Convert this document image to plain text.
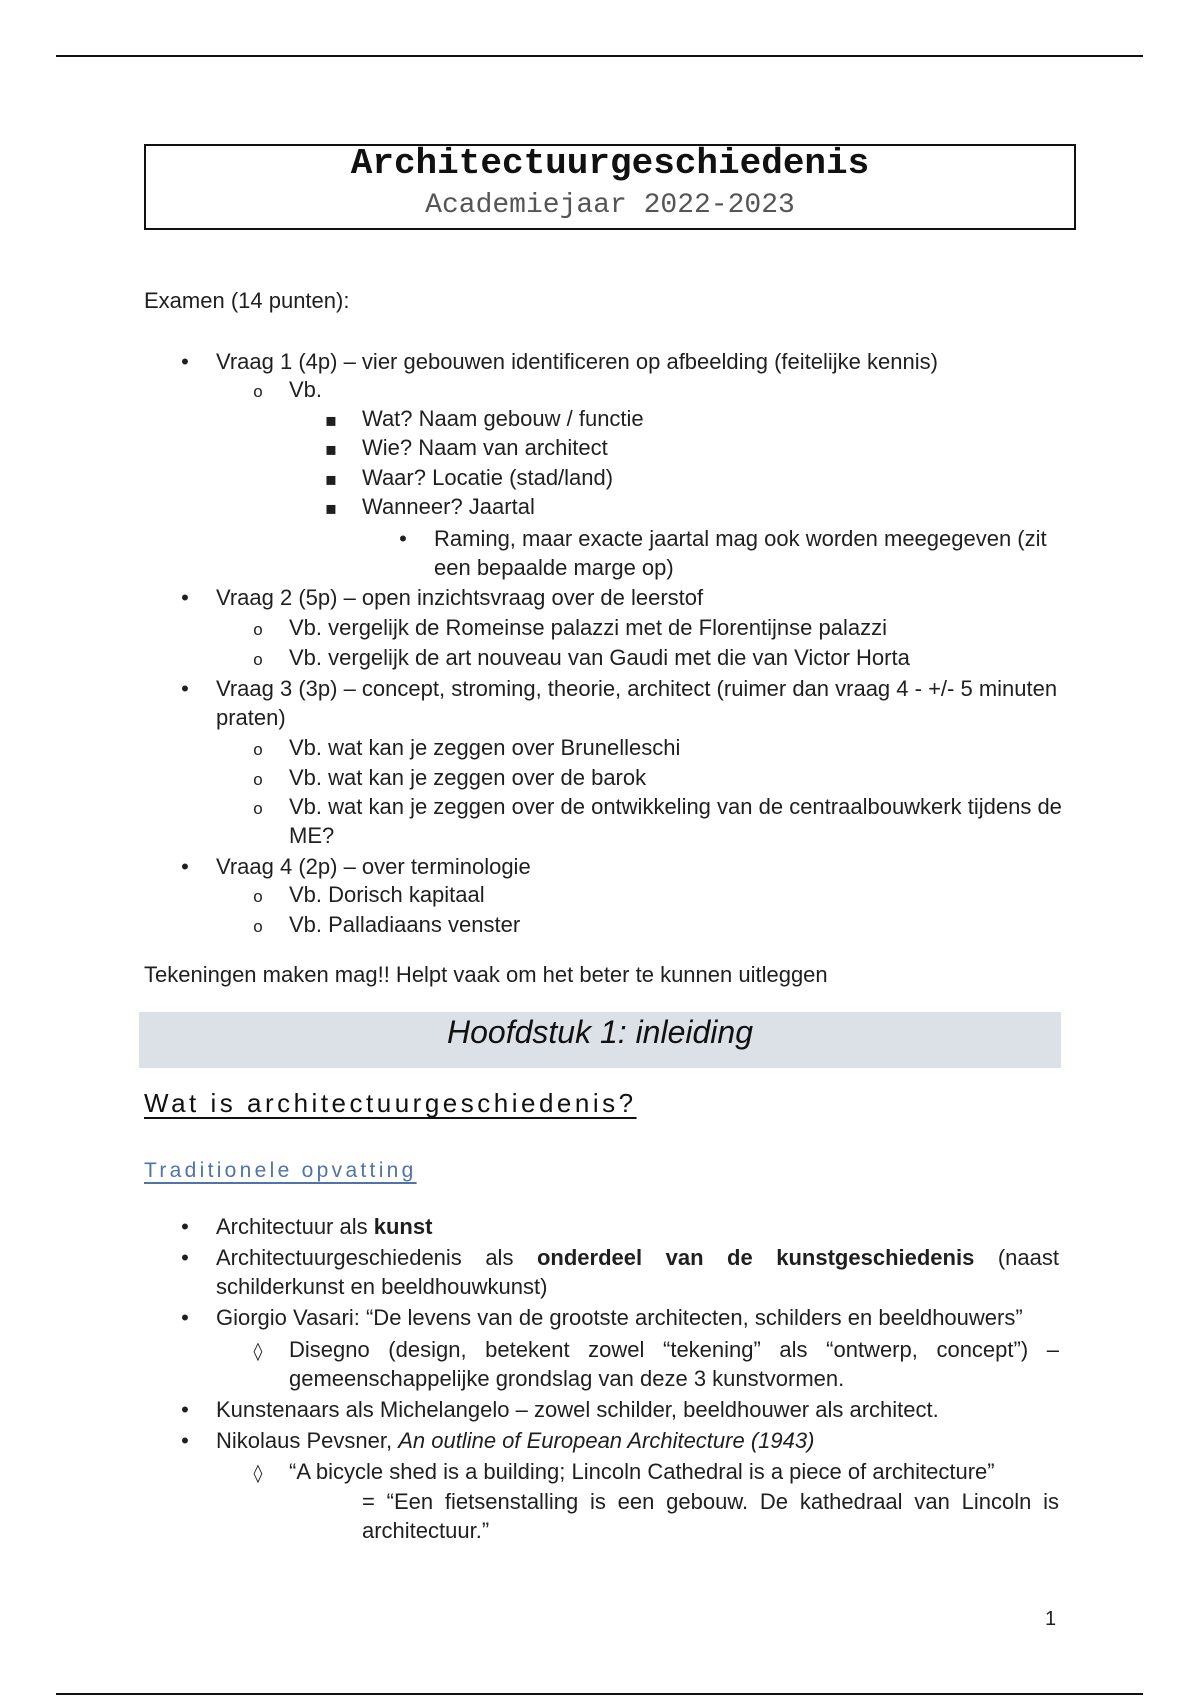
Architectuurgeschiedenis
Academiejaar 2022-2023
Examen (14 punten):
•
Vraag 1 (4p) – vier gebouwen identificeren op afbeelding (feitelijke kennis)
o
Vb.
▪
Wat? Naam gebouw / functie
▪
Wie? Naam van architect
▪
Waar? Locatie (stad/land)
▪
Wanneer? Jaartal
•
Raming, maar exacte jaartal mag ook worden meegegeven (zit een bepaalde marge op)
•
Vraag 2 (5p) – open inzichtsvraag over de leerstof
o
Vb. vergelijk de Romeinse palazzi met de Florentijnse palazzi
o
Vb. vergelijk de art nouveau van Gaudi met die van Victor Horta
•
Vraag 3 (3p) – concept, stroming, theorie, architect (ruimer dan vraag 4 - +/- 5 minuten praten)
o
Vb. wat kan je zeggen over Brunelleschi
o
Vb. wat kan je zeggen over de barok
o
Vb. wat kan je zeggen over de ontwikkeling van de centraalbouwkerk tijdens de ME?
•
Vraag 4 (2p) – over terminologie
o
Vb. Dorisch kapitaal
o
Vb. Palladiaans venster
Tekeningen maken mag!! Helpt vaak om het beter te kunnen uitleggen
Hoofdstuk 1: inleiding
Wat is architectuurgeschiedenis?
Traditionele opvatting
•
Architectuur als kunst
•
Architectuurgeschiedenis als onderdeel van de kunstgeschiedenis (naast schilderkunst en beeldhouwkunst)
•
Giorgio Vasari: “De levens van de grootste architecten, schilders en beeldhouwers”
◊
Disegno (design, betekent zowel “tekening” als “ontwerp, concept”) – gemeenschappelijke grondslag van deze 3 kunstvormen.
•
Kunstenaars als Michelangelo – zowel schilder, beeldhouwer als architect.
•
Nikolaus Pevsner, An outline of European Architecture (1943)
◊
“A bicycle shed is a building; Lincoln Cathedral is a piece of architecture”
= “Een fietsenstalling is een gebouw. De kathedraal van Lincoln is architectuur.”
1
